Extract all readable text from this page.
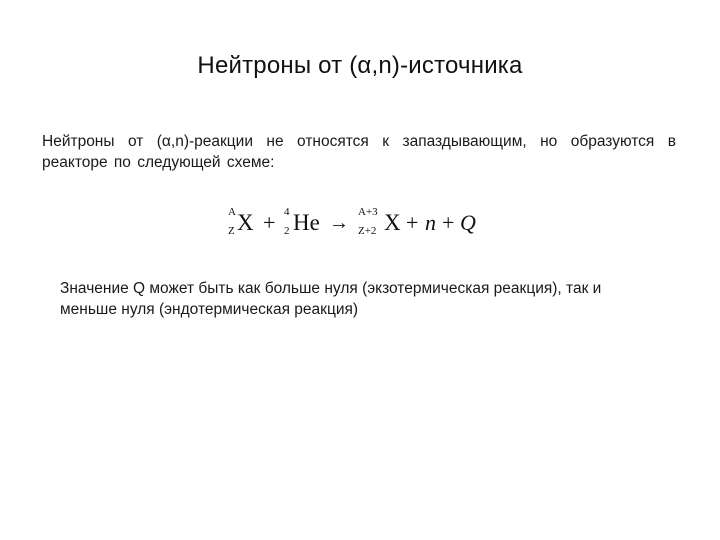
Нейтроны от (α,n)-источника
Нейтроны от (α,n)-реакции не относятся к запаздывающим, но образуются в реакторе по следующей схеме:
A
Z X + 4
2 He → A+3
Z+2 X + n + Q
Значение Q может быть как больше нуля (экзотермическая реакция), так и меньше нуля (эндотермическая реакция)
